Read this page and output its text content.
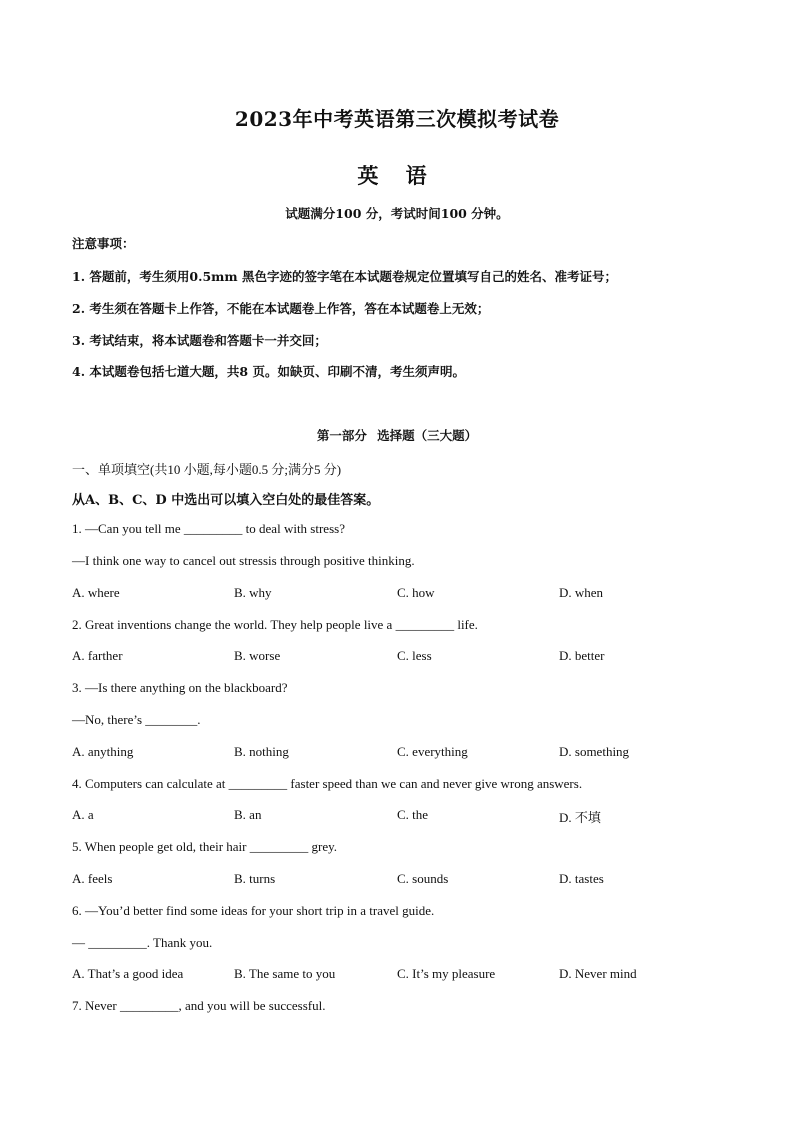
2023年中考英语第三次模拟考试卷
英 语
试题满分100 分，考试时间100 分钟。
注意事项：
1. 答题前，考生须用0.5mm 黑色字迹的签字笔在本试题卷规定位置填写自己的姓名、准考证号；
2. 考生须在答题卡上作答，不能在本试题卷上作答，答在本试题卷上无效；
3. 考试结束，将本试题卷和答题卡一并交回；
4. 本试题卷包括七道大题，共8 页。如缺页、印刷不清，考生须声明。
第一部分 选择题（三大题）
一、单项填空(共10 小题,每小题0.5 分;满分5 分)
从A、B、C、D 中选出可以填入空白处的最佳答案。
1. —Can you tell me _________ to deal with stress?
—I think one way to cancel out stressis through positive thinking.
A. where	B. why	C. how	D. when
2. Great inventions change the world. They help people live a _________ life.
A. farther	B. worse	C. less	D. better
3. —Is there anything on the blackboard?
—No, there’s ________.
A. anything	B. nothing	C. everything	D. something
4. Computers can calculate at _________ faster speed than we can and never give wrong answers.
A. a	B. an	C. the	D. 不填
5. When people get old, their hair _________ grey.
A. feels	B. turns	C. sounds	D. tastes
6. —You’d better find some ideas for your short trip in a travel guide.
— _________. Thank you.
A. That’s a good idea	B. The same to you	C. It’s my pleasure	D. Never mind
7. Never _________, and you will be successful.
